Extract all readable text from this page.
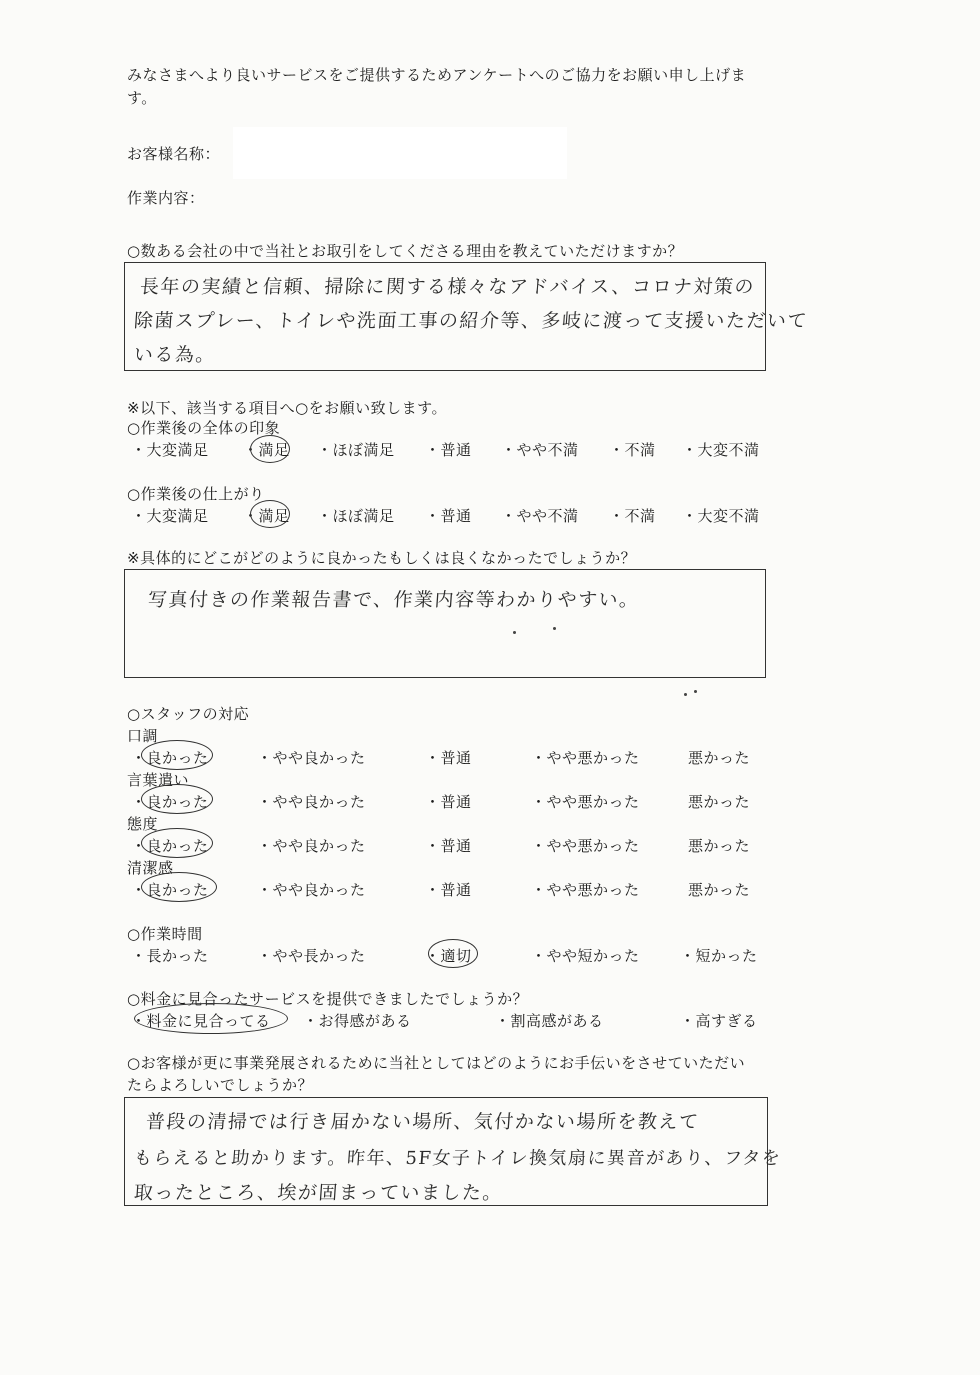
みなさまへより良いサービスをご提供するためアンケートへのご協力をお願い申し上げます。
お客様名称：
作業内容：
○数ある会社の中で当社とお取引をしてくださる理由を教えていただけますか？
長年の実績と信頼、掃除に関する様々なアドバイス、コロナ対策の
除菌スプレー、トイレや洗面工事の紹介等、多岐に渡って支援いただいて
いる為。
※以下、該当する項目へ○をお願い致します。
○作業後の全体の印象
・大変満足 ・満足 ・ほぼ満足 ・普通 ・やや不満 ・不満 ・大変不満
○作業後の仕上がり
・大変満足 ・満足 ・ほぼ満足 ・普通 ・やや不満 ・不満 ・大変不満
※具体的にどこがどのように良かったもしくは良くなかったでしょうか？
写真付きの作業報告書で、作業内容等わかりやすい。
○スタッフの対応
口調
・良かった	・やや良かった	・普通	・やや悪かった	悪かった
言葉遣い
・良かった	・やや良かった	・普通	・やや悪かった	悪かった
態度
・良かった	・やや良かった	・普通	・やや悪かった	悪かった
清潔感
・良かった	・やや良かった	・普通	・やや悪かった	悪かった
○作業時間
・長かった	・やや長かった	・適切	・やや短かった	・短かった
○料金に見合ったサービスを提供できましたでしょうか？
・料金に見合ってる ・お得感がある	・割高感がある	・高すぎる
○お客様が更に事業発展されるために当社としてはどのようにお手伝いをさせていただい
たらよろしいでしょうか？
普段の清掃では行き届かない場所、気付かない場所を教えて
もらえると助かります。昨年、5F女子トイレ換気扇に異音があり、フタを
取ったところ、埃が固まっていました。
